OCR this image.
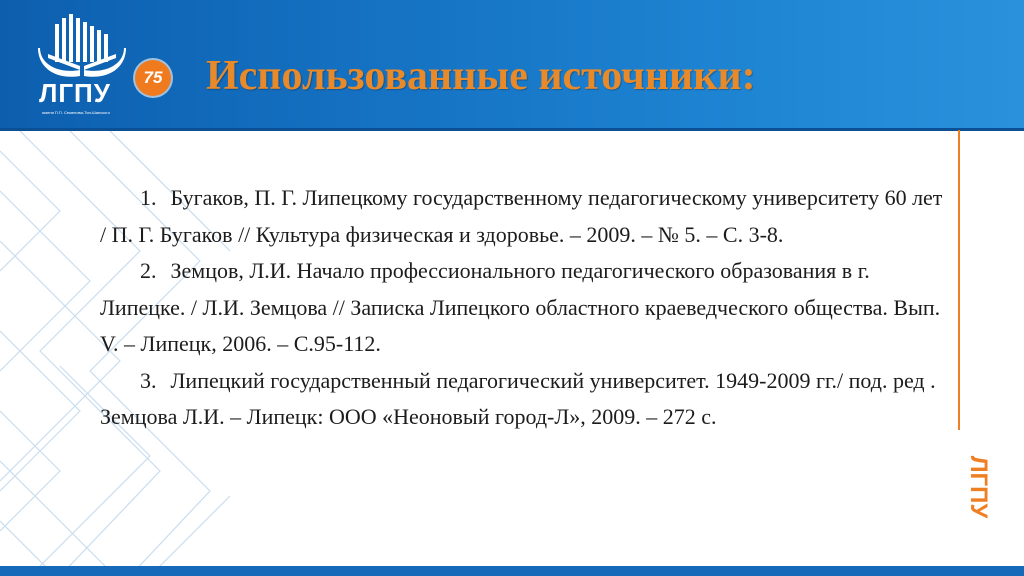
ЛГПУ
имени П.П. Семенова-Тян-Шанского
75 Использованные источники:

1. Бугаков, П. Г. Липецкому государственному педагогическому университету 60 лет / П. Г. Бугаков // Культура физическая и здоровье. – 2009. – № 5. – С. 3-8.

2. Земцов, Л.И. Начало профессионального педагогического образования в г. Липецке. / Л.И. Земцова // Записка Липецкого областного краеведческого общества. Вып. V. – Липецк, 2006. – С.95-112.

3. Липецкий государственный педагогический университет. 1949-2009 гг./ под. ред . Земцова Л.И. – Липецк: ООО «Неоновый город-Л», 2009. – 272 с.

ЛГПУ
